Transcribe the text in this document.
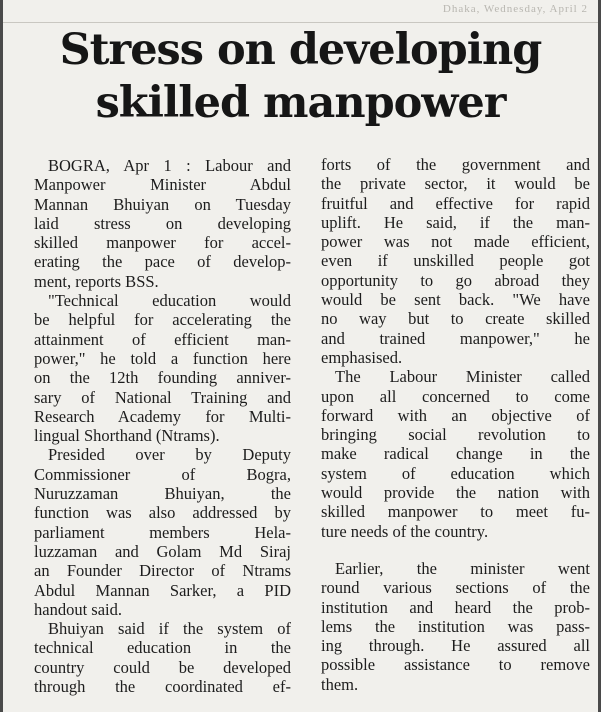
Dhaka, Wednesday, April 2
Stress on developing
skilled manpower
BOGRA, Apr 1 : Labour and
Manpower Minister Abdul
Mannan Bhuiyan on Tuesday
laid stress on developing
skilled manpower for accel-
erating the pace of develop-
ment, reports BSS.
"Technical education would
be helpful for accelerating the
attainment of efficient man-
power," he told a function here
on the 12th founding anniver-
sary of National Training and
Research Academy for Multi-
lingual Shorthand (Ntrams).
Presided over by Deputy
Commissioner of Bogra,
Nuruzzaman Bhuiyan, the
function was also addressed by
parliament members Hela-
luzzaman and Golam Md Siraj
an Founder Director of Ntrams
Abdul Mannan Sarker, a PID
handout said.
Bhuiyan said if the system of
technical education in the
country could be developed
through the coordinated ef-
forts of the government and
the private sector, it would be
fruitful and effective for rapid
uplift. He said, if the man-
power was not made efficient,
even if unskilled people got
opportunity to go abroad they
would be sent back. "We have
no way but to create skilled
and trained manpower," he
emphasised.
The Labour Minister called
upon all concerned to come
forward with an objective of
bringing social revolution to
make radical change in the
system of education which
would provide the nation with
skilled manpower to meet fu-
ture needs of the country.
Earlier, the minister went
round various sections of the
institution and heard the prob-
lems the institution was pass-
ing through. He assured all
possible assistance to remove
them.
